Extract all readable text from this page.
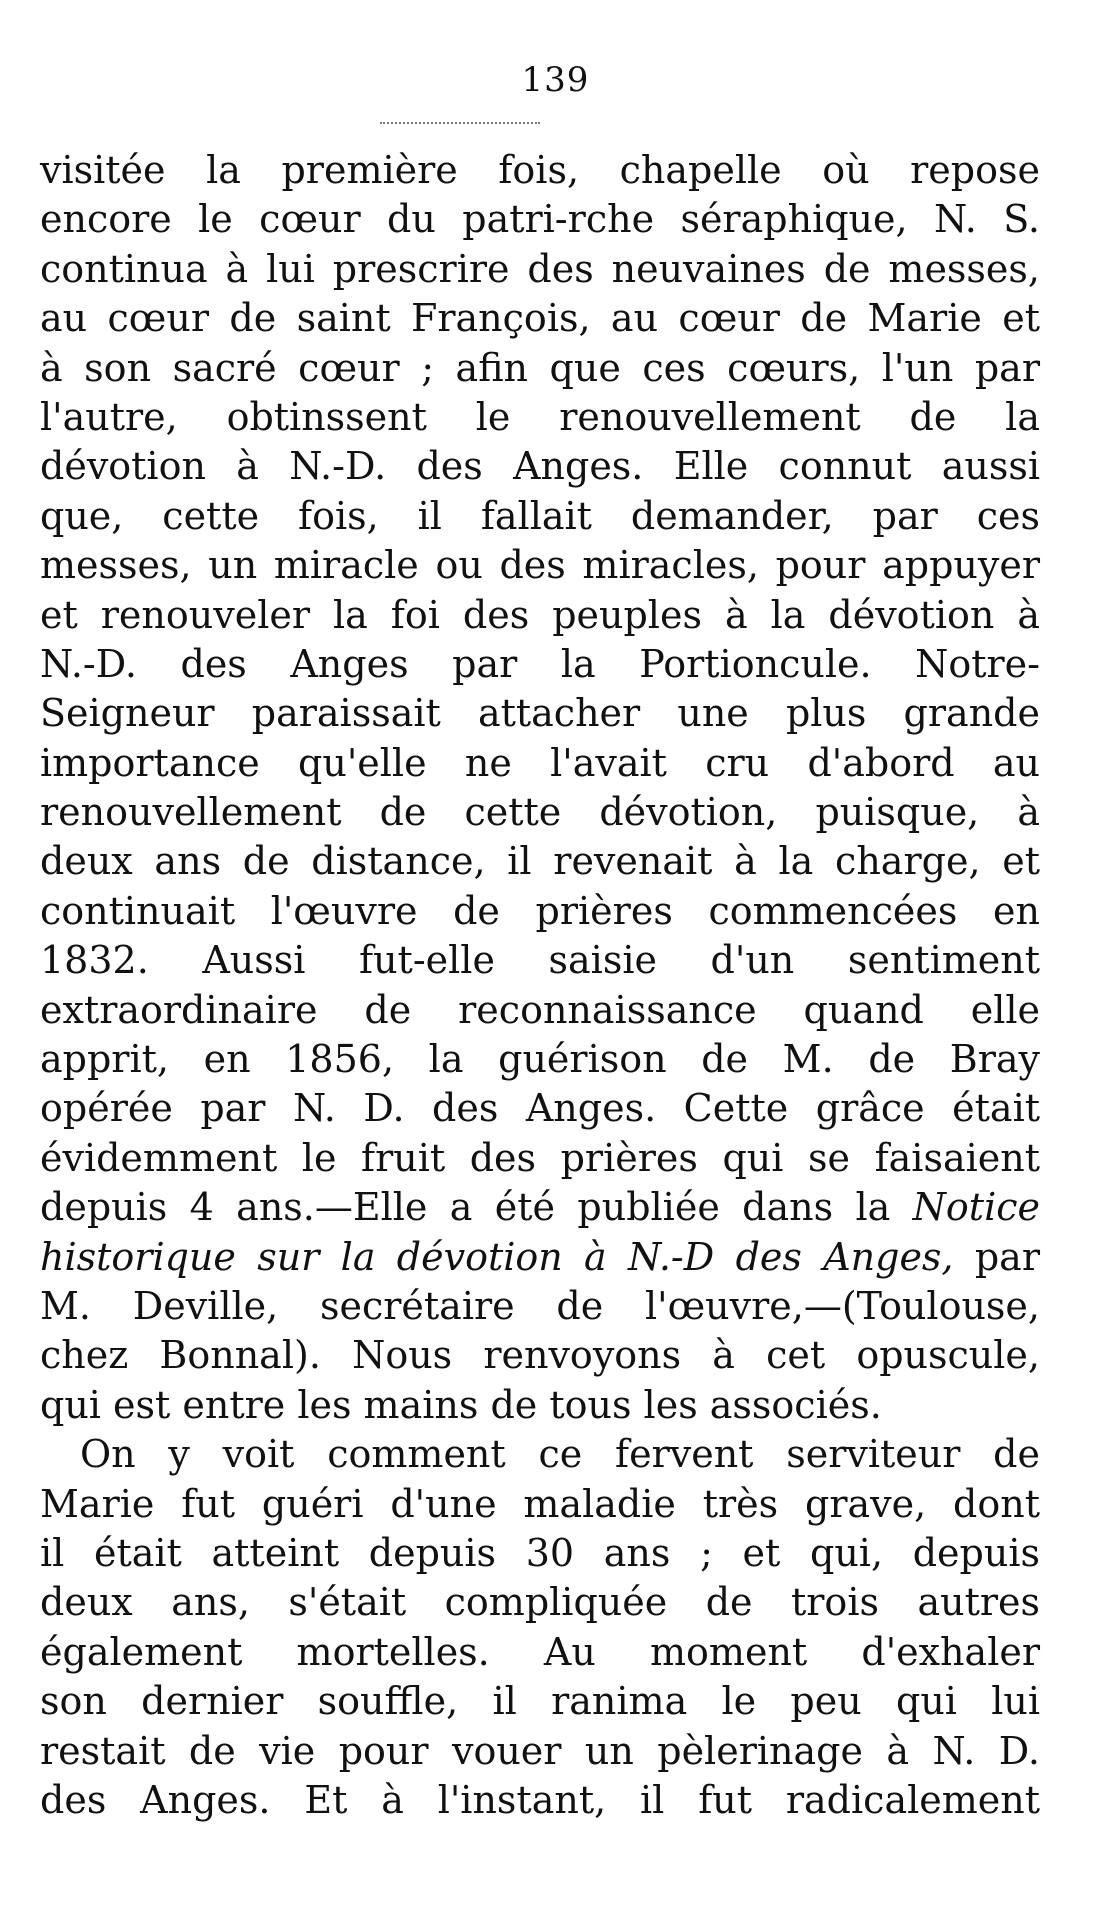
139
visitée la première fois, chapelle où repose
encore le cœur du patri-rche séraphique, N. S.
continua à lui prescrire des neuvaines de messes,
au cœur de saint François, au cœur de Marie et
à son sacré cœur ; afin que ces cœurs, l'un par
l'autre, obtinssent le renouvellement de la
dévotion à N.-D. des Anges. Elle connut aussi
que, cette fois, il fallait demander, par ces
messes, un miracle ou des miracles, pour appuyer
et renouveler la foi des peuples à la dévotion à
N.-D. des Anges par la Portioncule. Notre-
Seigneur paraissait attacher une plus grande
importance qu'elle ne l'avait cru d'abord au
renouvellement de cette dévotion, puisque, à
deux ans de distance, il revenait à la charge, et
continuait l'œuvre de prières commencées en
1832. Aussi fut-elle saisie d'un sentiment
extraordinaire de reconnaissance quand elle
apprit, en 1856, la guérison de M. de Bray
opérée par N. D. des Anges. Cette grâce était
évidemment le fruit des prières qui se faisaient
depuis 4 ans.—Elle a été publiée dans la Notice
historique sur la dévotion à N.-D des Anges, par
M. Deville, secrétaire de l'œuvre,—(Toulouse,
chez Bonnal). Nous renvoyons à cet opuscule,
qui est entre les mains de tous les associés.
On y voit comment ce fervent serviteur de
Marie fut guéri d'une maladie très grave, dont
il était atteint depuis 30 ans ; et qui, depuis
deux ans, s'était compliquée de trois autres
également mortelles. Au moment d'exhaler
son dernier souffle, il ranima le peu qui lui
restait de vie pour vouer un pèlerinage à N. D.
des Anges. Et à l'instant, il fut radicalement
